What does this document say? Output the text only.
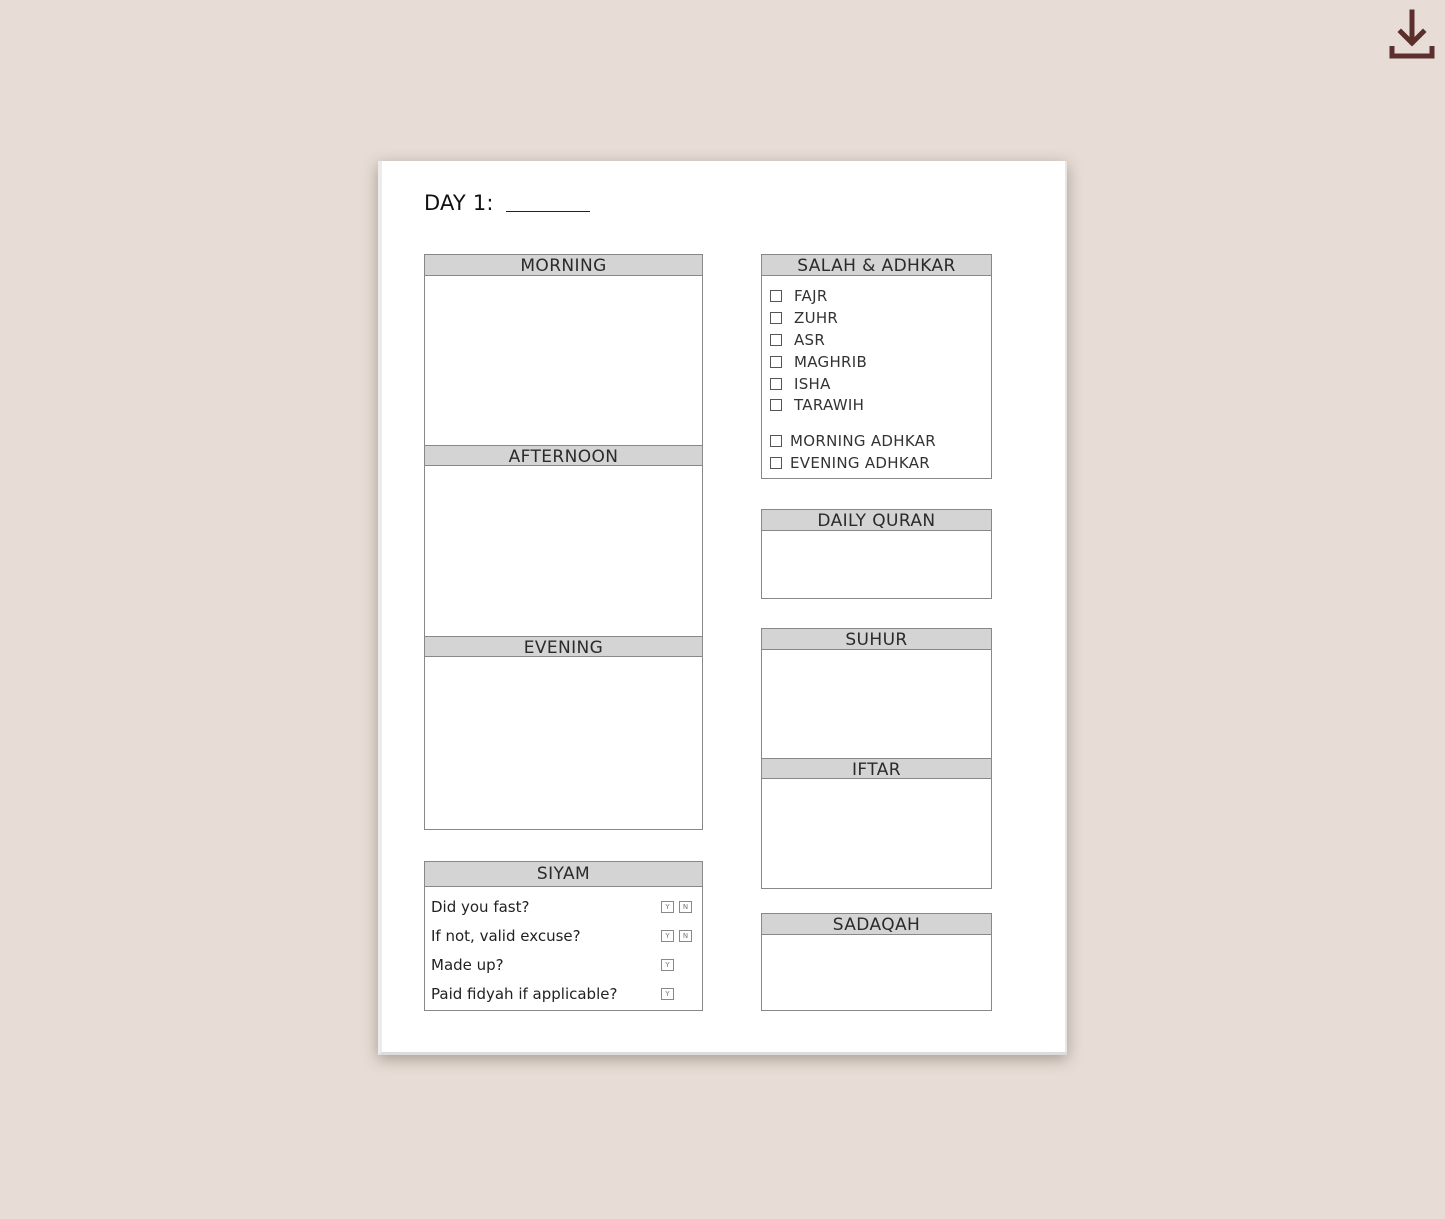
DAY 1:
MORNING
AFTERNOON
EVENING
SIYAM
Did you fast?	Y	N
If not, valid excuse?	Y	N
Made up?	Y
Paid fidyah if applicable?	Y
SALAH & ADHKAR
FAJR
ZUHR
ASR
MAGHRIB
ISHA
TARAWIH
MORNING ADHKAR
EVENING ADHKAR
DAILY QURAN
SUHUR
IFTAR
SADAQAH
